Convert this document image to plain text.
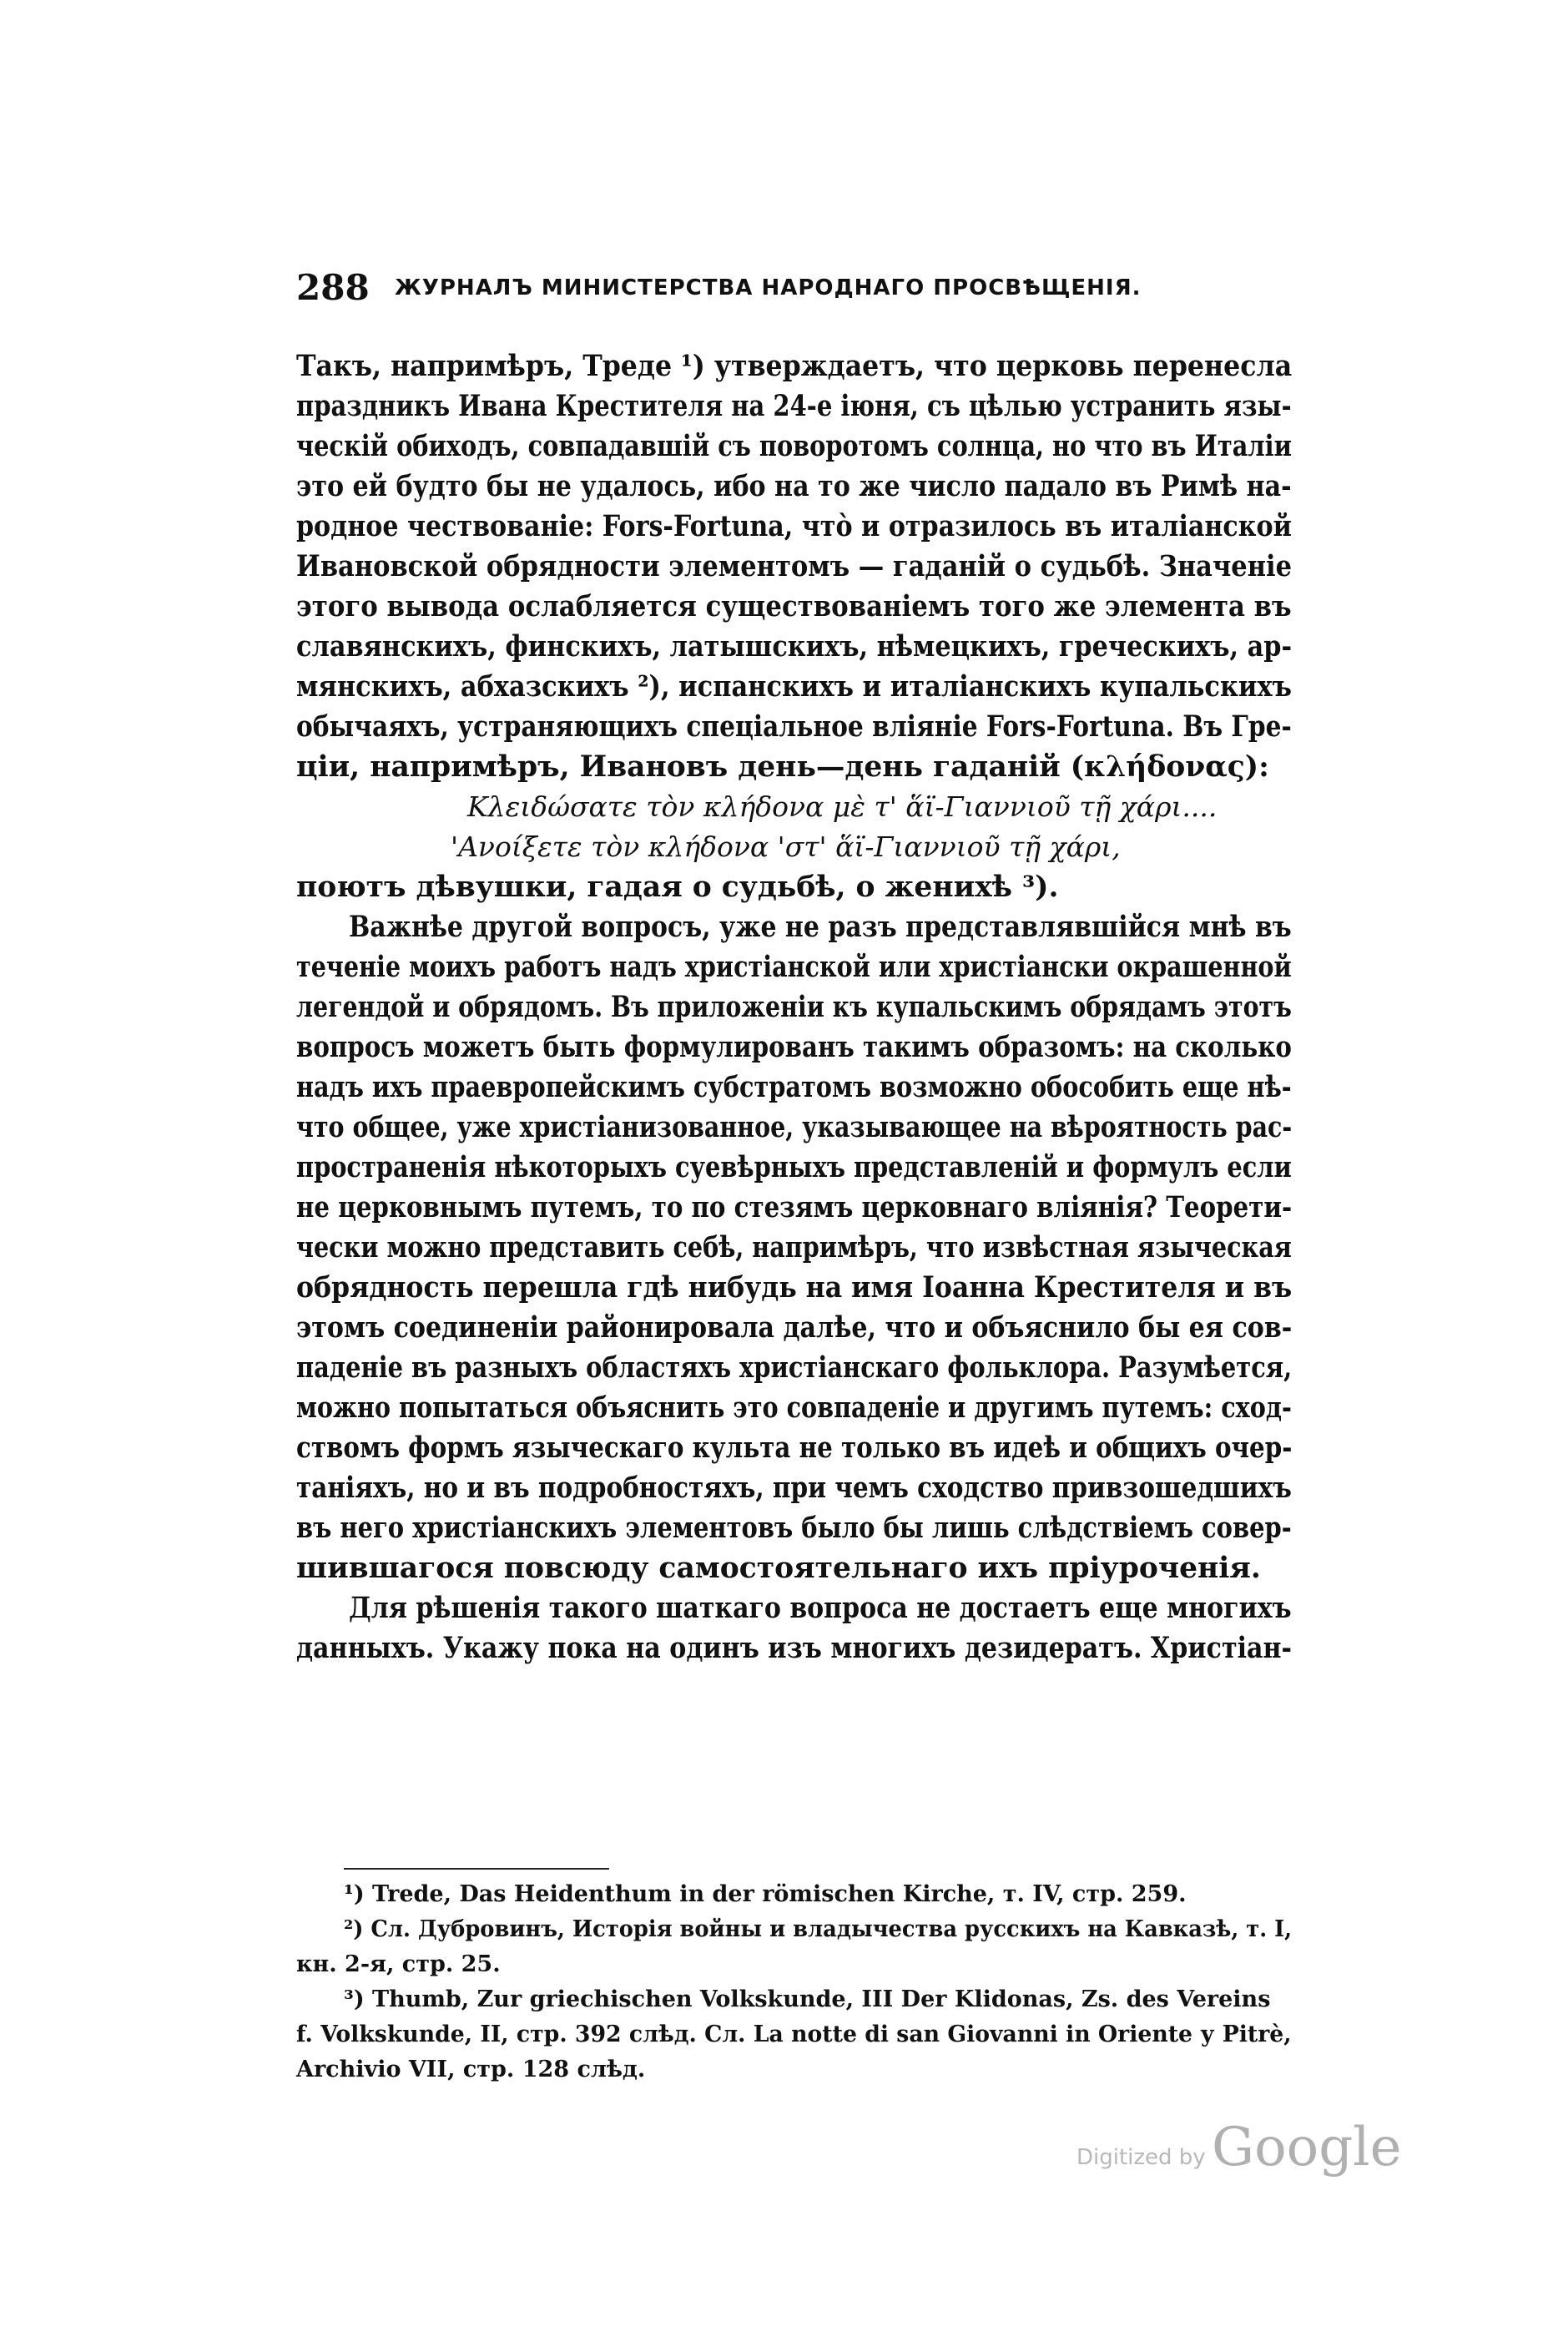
288 ЖУРНАЛЪ МИНИСТЕРСТВА НАРОДНАГО ПРОСВѢЩЕНІЯ.
Такъ, напримѣръ, Треде ¹) утверждаетъ, что церковь перенесла
праздникъ Ивана Крестителя на 24-е іюня, съ цѣлью устранить язы-
ческій обиходъ, совпадавшій съ поворотомъ солнца, но что въ Италіи
это ей будто бы не удалось, ибо на то же число падало въ Римѣ на-
родное чествованіе: Fors-Fortuna, что̀ и отразилось въ италіанской
Ивановской обрядности элементомъ — гаданій о судьбѣ. Значеніе
этого вывода ослабляется существованіемъ того же элемента въ
славянскихъ, финскихъ, латышскихъ, нѣмецкихъ, греческихъ, ар-
мянскихъ, абхазскихъ ²), испанскихъ и италіанскихъ купальскихъ
обычаяхъ, устраняющихъ спеціальное вліяніе Fors-Fortuna. Въ Гре-
ціи, напримѣръ, Ивановъ день—день гаданій (κλήδονας):
Κλειδώσατε τὸν κλήδονα μὲ τ' ἅϊ-Γιαννιοῦ τῇ χάρι....
'Ανοίξετε τὸν κλήδονα 'στ' ἅϊ-Γιαννιοῦ τῇ χάρι,
поютъ дѣвушки, гадая о судьбѣ, о женихѣ ³).
Важнѣе другой вопросъ, уже не разъ представлявшійся мнѣ въ
теченіе моихъ работъ надъ христіанской или христіански окрашенной
легендой и обрядомъ. Въ приложеніи къ купальскимъ обрядамъ этотъ
вопросъ можетъ быть формулированъ такимъ образомъ: на сколько
надъ ихъ праевропейскимъ субстратомъ возможно обособить еще нѣ-
что общее, уже христіанизованное, указывающее на вѣроятность рас-
пространенія нѣкоторыхъ суевѣрныхъ представленій и формулъ если
не церковнымъ путемъ, то по стезямъ церковнаго вліянія? Теорети-
чески можно представить себѣ, напримѣръ, что извѣстная языческая
обрядность перешла гдѣ нибудь на имя Іоанна Крестителя и въ
этомъ соединеніи районировала далѣе, что и объяснило бы ея сов-
паденіе въ разныхъ областяхъ христіанскаго фольклора. Разумѣется,
можно попытаться объяснить это совпаденіе и другимъ путемъ: сход-
ствомъ формъ языческаго культа не только въ идеѣ и общихъ очер-
таніяхъ, но и въ подробностяхъ, при чемъ сходство привзошедшихъ
въ него христіанскихъ элементовъ было бы лишь слѣдствіемъ совер-
шившагося повсюду самостоятельнаго ихъ пріуроченія.
Для рѣшенія такого шаткаго вопроса не достаетъ еще многихъ
данныхъ. Укажу пока на одинъ изъ многихъ дезидератъ. Христіан-
¹) Trede, Das Heidenthum in der römischen Kirche, т. IV, стр. 259.
²) Сл. Дубровинъ, Исторія войны и владычества русскихъ на Кавказѣ, т. I,
кн. 2-я, стр. 25.
³) Thumb, Zur griechischen Volkskunde, III Der Klidonas, Zs. des Vereins
f. Volkskunde, II, стр. 392 слѣд. Сл. La notte di san Giovanni in Oriente у Pitrè,
Archivio VII, стр. 128 слѣд.
Digitized by Google
